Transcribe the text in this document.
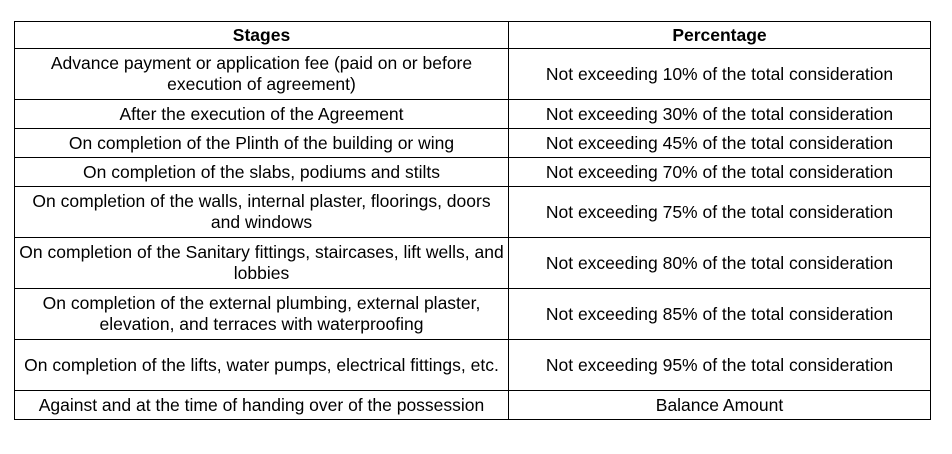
Stages	Percentage
Advance payment or application fee (paid on or before execution of agreement)	Not exceeding 10% of the total consideration
After the execution of the Agreement	Not exceeding 30% of the total consideration
On completion of the Plinth of the building or wing	Not exceeding 45% of the total consideration
On completion of the slabs, podiums and stilts	Not exceeding 70% of the total consideration
On completion of the walls, internal plaster, floorings, doors and windows	Not exceeding 75% of the total consideration
On completion of the Sanitary fittings, staircases, lift wells, and lobbies	Not exceeding 80% of the total consideration
On completion of the external plumbing, external plaster, elevation, and terraces with waterproofing	Not exceeding 85% of the total consideration
On completion of the lifts, water pumps, electrical fittings, etc.	Not exceeding 95% of the total consideration
Against and at the time of handing over of the possession	Balance Amount
